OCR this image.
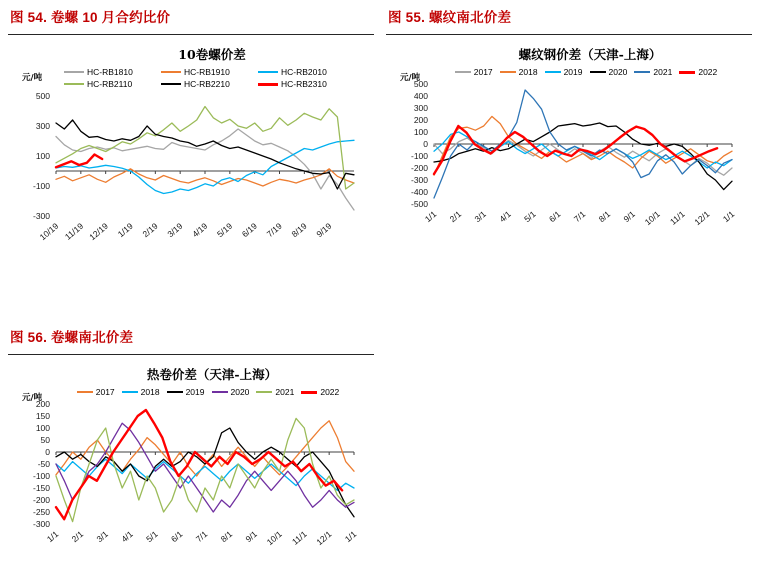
图 54. 卷螺 10 月合约比价
10卷螺价差
元/吨
HC-RB1810	HC-RB1910	HC-RB2010
HC-RB2110	HC-RB2210	HC-RB2310
500
300
100
-100
-300
10/19 11/19 12/19 1/19 2/19 3/19 4/19 5/19 6/19 7/19 8/19 9/19
图 55. 螺纹南北价差
螺纹钢价差（天津-上海）
元/吨
2017	2018	2019	2020	2021	2022
500
400
300
200
100
0
-100
-200
-300
-400
-500
1/1 2/1 3/1 4/1 5/1 6/1 7/1 8/1 9/1 10/1 11/1 12/1 1/1
图 56. 卷螺南北价差
热卷价差（天津-上海）
元/吨
2017	2018	2019	2020	2021	2022
200
150
100
50
0
-50
-100
-150
-200
-250
-300
1/1 2/1 3/1 4/1 5/1 6/1 7/1 8/1 9/1 10/1 11/1 12/1 1/1
